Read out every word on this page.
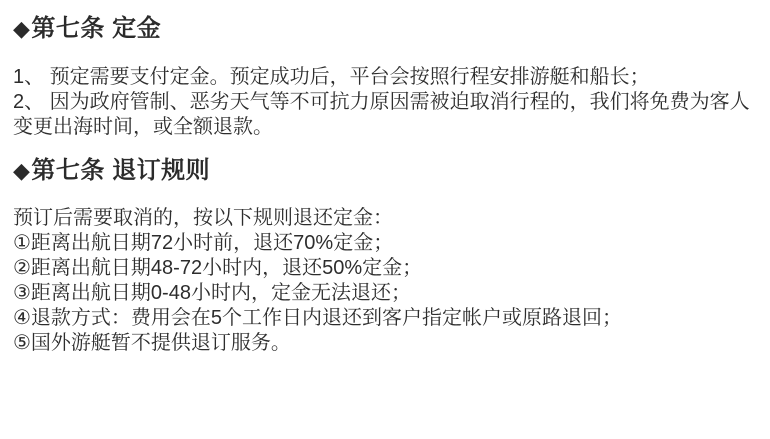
◆第七条 定金

1、 预定需要支付定金。预定成功后，平台会按照行程安排游艇和船长；

2、 因为政府管制、恶劣天气等不可抗力原因需被迫取消行程的，我们将免费为客人变更出海时间，或全额退款。

◆第七条 退订规则

预订后需要取消的，按以下规则退还定金：

①距离出航日期72小时前，退还70%定金；
②距离出航日期48-72小时内，退还50%定金；
③距离出航日期0-48小时内，定金无法退还；
④退款方式：费用会在5个工作日内退还到客户指定帐户或原路退回；
⑤国外游艇暂不提供退订服务。
